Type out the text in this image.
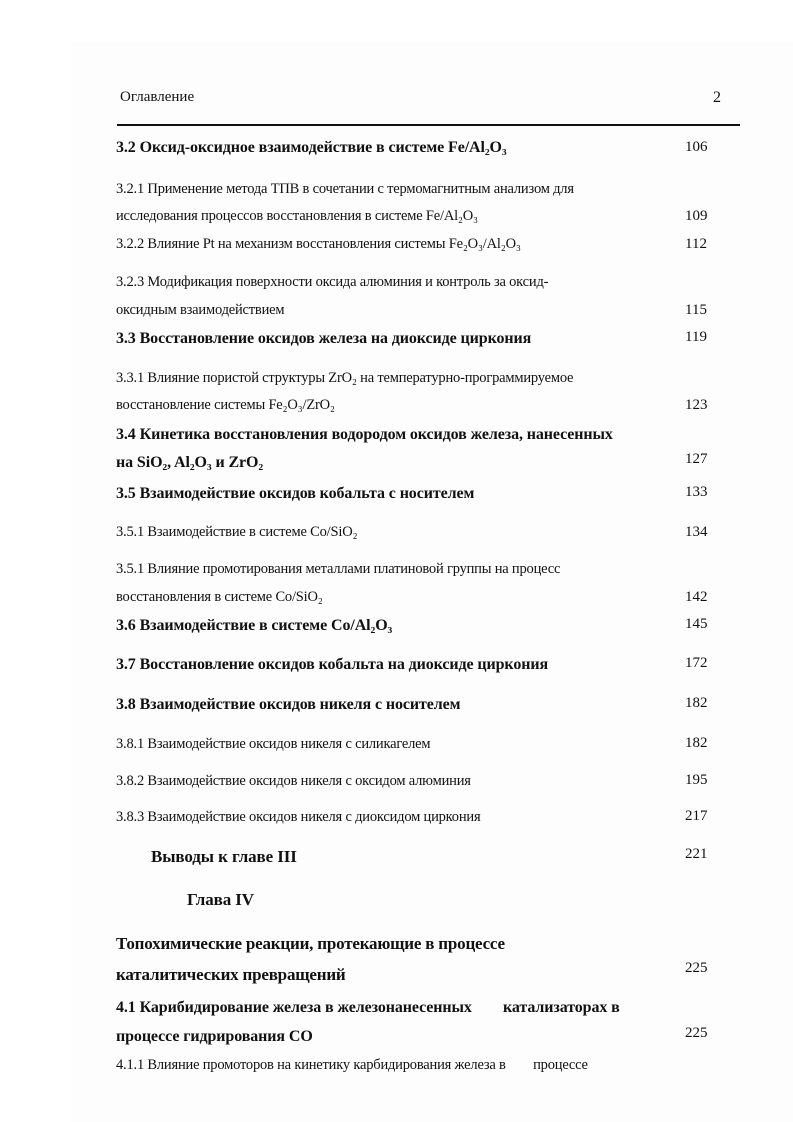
Оглавление	2
3.2 Оксид-оксидное взаимодействие в системе Fe/Al₂O₃	106
3.2.1 Применение метода ТПВ в сочетании с термомагнитным анализом для
исследования процессов восстановления в системе Fe/Al₂O₃	109
3.2.2 Влияние Pt на механизм восстановления системы Fe₂O₃/Al₂O₃	112
3.2.3 Модификация поверхности оксида алюминия и контроль за оксид-
оксидным взаимодействием	115
3.3 Восстановление оксидов железа на диоксиде циркония	119
3.3.1 Влияние пористой структуры ZrO₂ на температурно-программируемое
восстановление системы Fe₂O₃/ZrO₂	123
3.4 Кинетика восстановления водородом оксидов железа, нанесенных
на SiO₂, Al₂O₃ и ZrO₂	127
3.5 Взаимодействие оксидов кобальта с носителем	133
3.5.1 Взаимодействие в системе Co/SiO₂	134
3.5.1 Влияние промотирования металлами платиновой группы на процесс
восстановления в системе Co/SiO₂	142
3.6 Взаимодействие в системе Co/Al₂O₃	145
3.7 Восстановление оксидов кобальта на диоксиде циркония	172
3.8 Взаимодействие оксидов никеля с носителем	182
3.8.1 Взаимодействие оксидов никеля с силикагелем	182
3.8.2 Взаимодействие оксидов никеля с оксидом алюминия	195
3.8.3 Взаимодействие оксидов никеля с диоксидом циркония	217
Выводы к главе III	221
Глава IV
Топохимические реакции, протекающие в процессе
каталитических превращений	225
4.1 Карибидирование железа в железонанесенных        катализаторах в
процессе гидрирования СО	225
4.1.1 Влияние промоторов на кинетику карбидирования железа в        процессе
